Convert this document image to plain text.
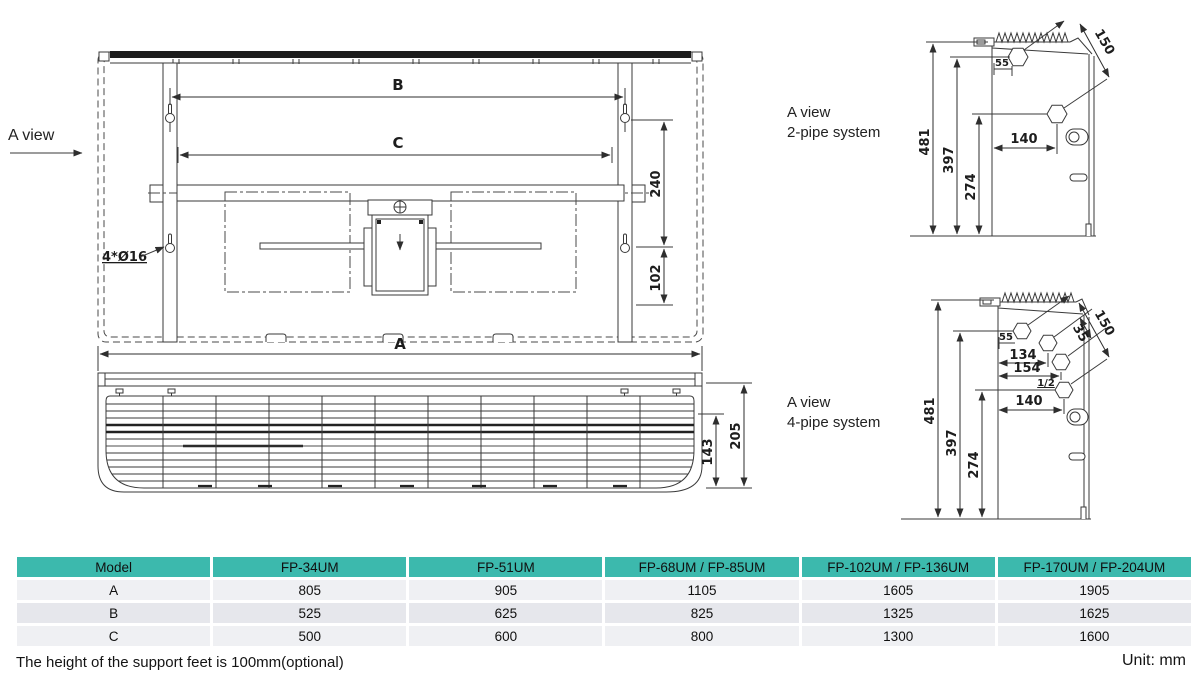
A view
B
C
240
102
4*Ø16
A
205
143
A view
2-pipe system
150
55
481
397
274
140
A view
4-pipe system
150
35
55
134
154
1/2
140
481
397
274
Model	FP-34UM	FP-51UM	FP-68UM / FP-85UM	FP-102UM / FP-136UM	FP-170UM / FP-204UM
A	805	905	1105	1605	1905
B	525	625	825	1325	1625
C	500	600	800	1300	1600
The height of the support feet is 100mm(optional)	Unit: mm
